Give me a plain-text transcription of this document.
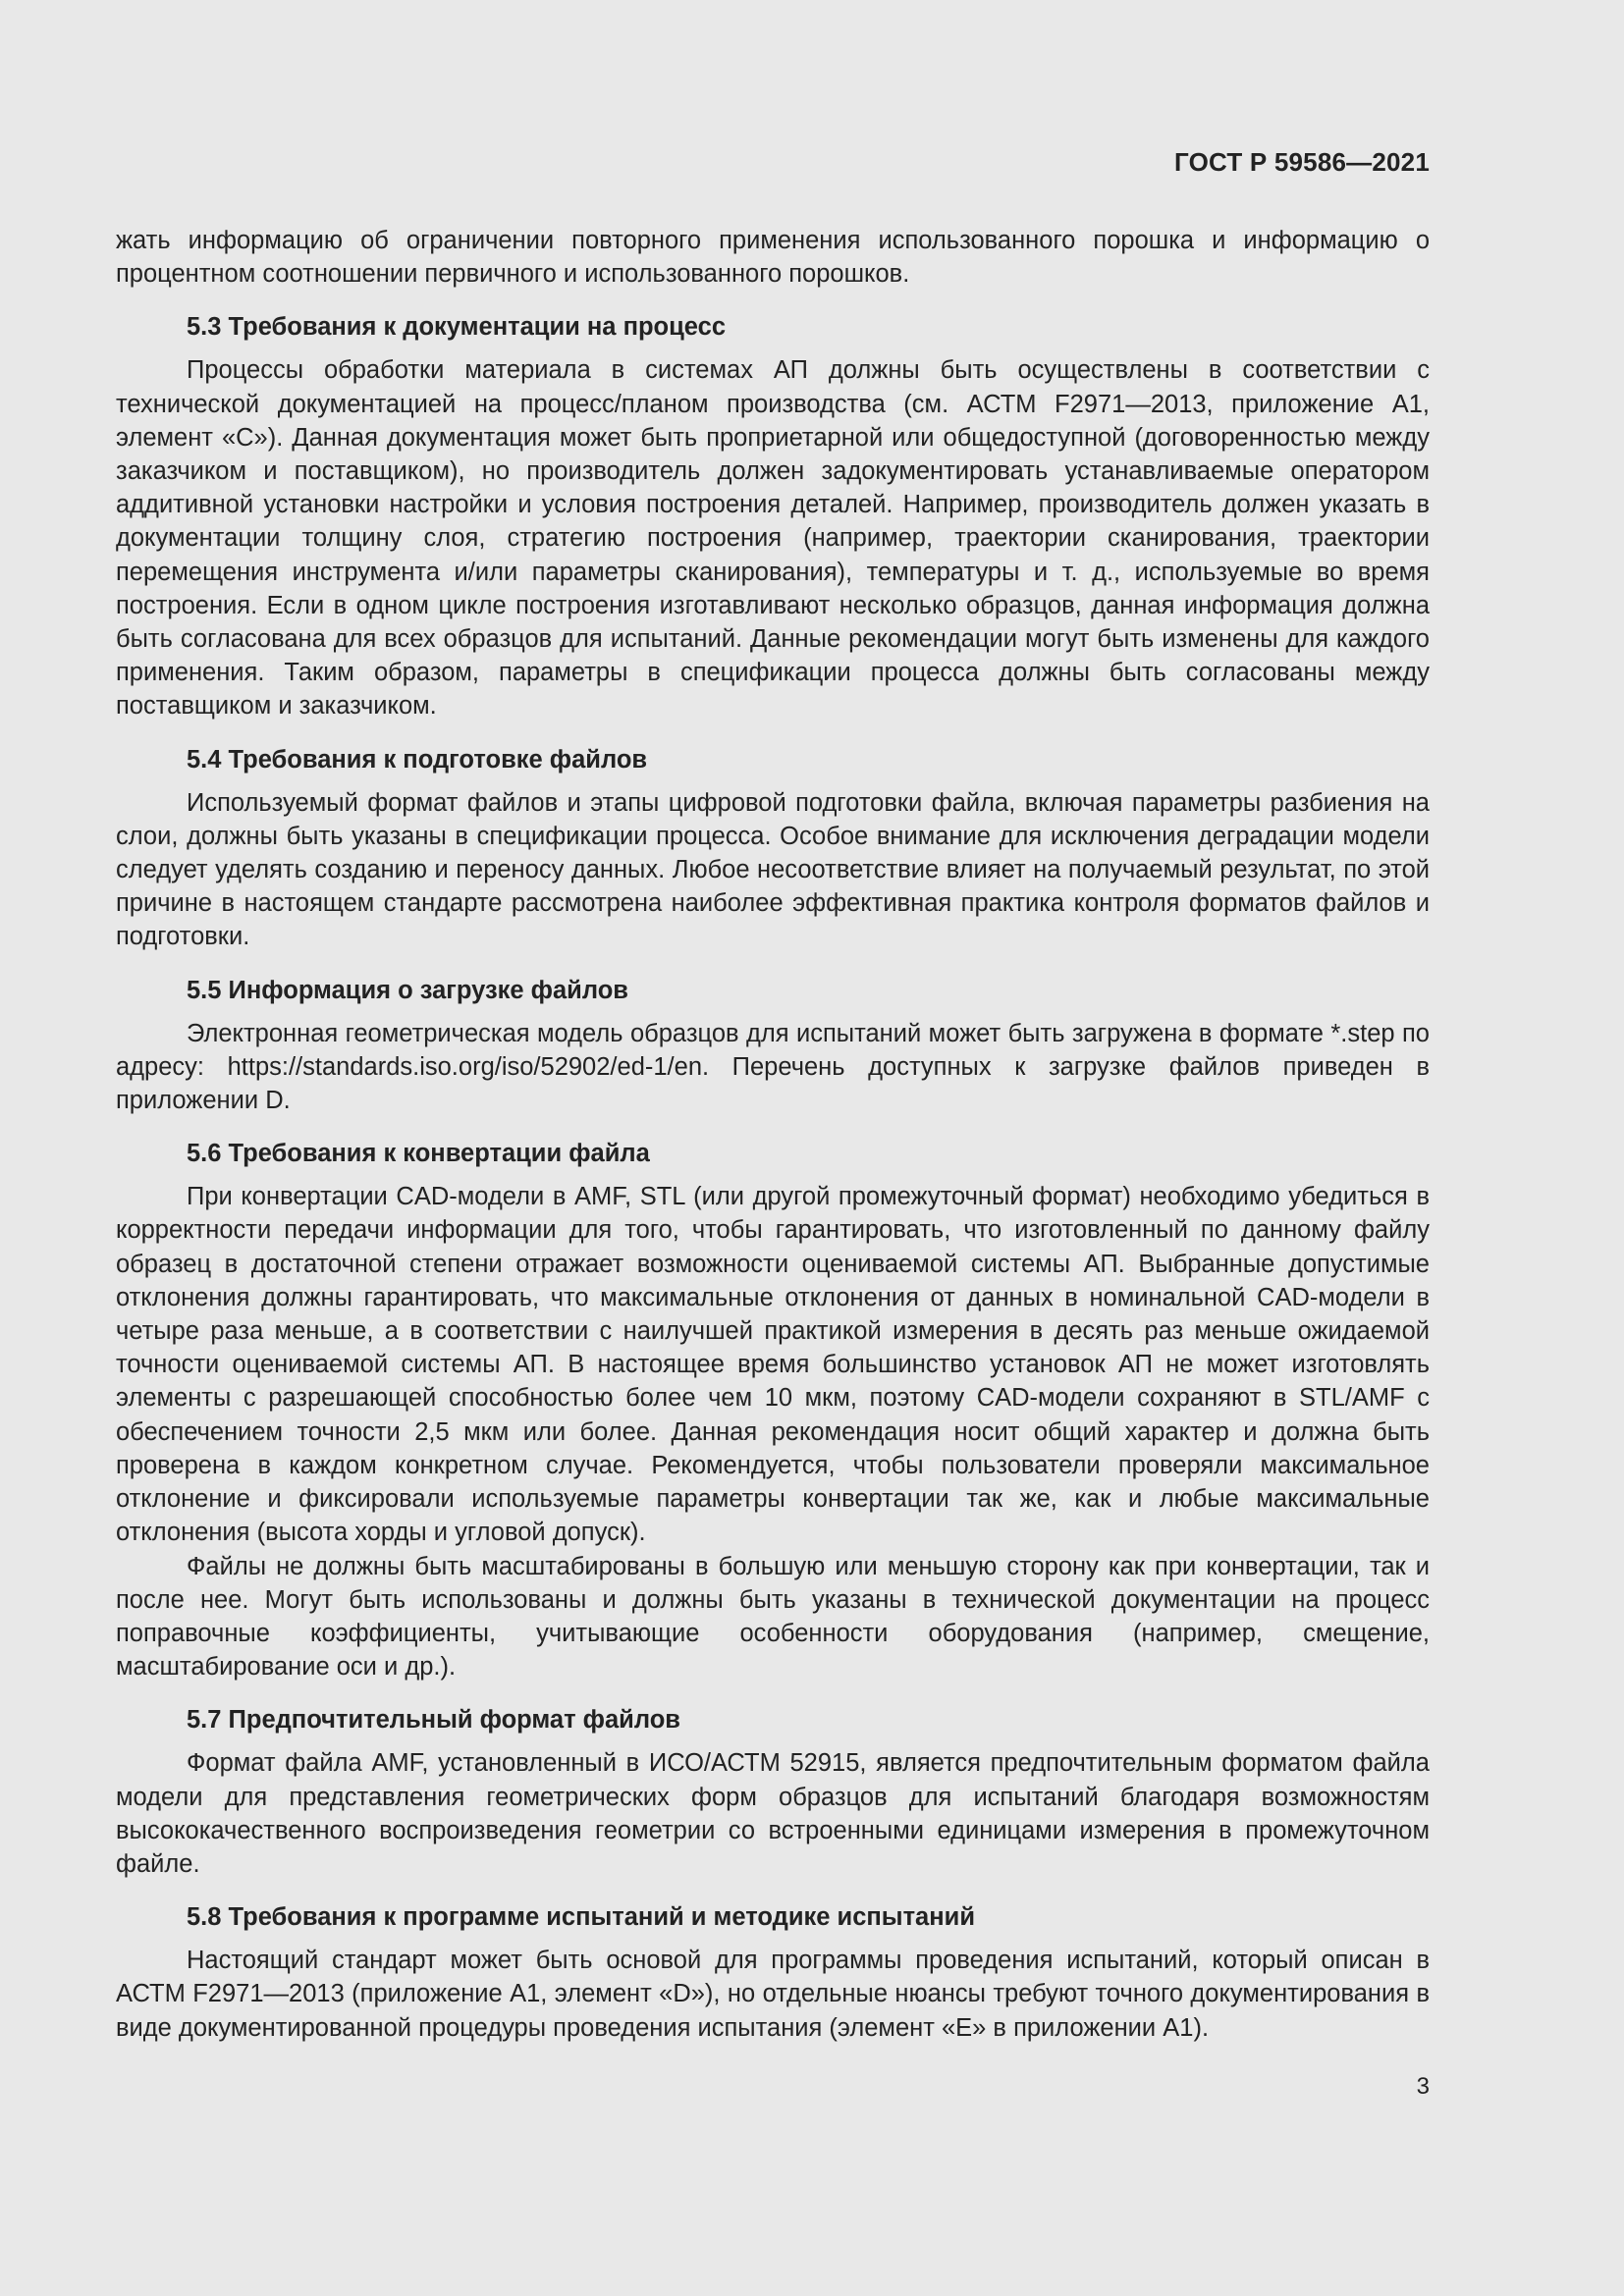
ГОСТ Р 59586—2021

жать информацию об ограничении повторного применения использованного порошка и информацию о процентном соотношении первичного и использованного порошков.

5.3 Требования к документации на процесс

Процессы обработки материала в системах АП должны быть осуществлены в соответствии с технической документацией на процесс/планом производства (см. АСТМ F2971—2013, приложение А1, элемент «С»). Данная документация может быть проприетарной или общедоступной (договоренностью между заказчиком и поставщиком), но производитель должен задокументировать устанавливаемые оператором аддитивной установки настройки и условия построения деталей. Например, производитель должен указать в документации толщину слоя, стратегию построения (например, траектории сканирования, траектории перемещения инструмента и/или параметры сканирования), температуры и т. д., используемые во время построения. Если в одном цикле построения изготавливают несколько образцов, данная информация должна быть согласована для всех образцов для испытаний. Данные рекомендации могут быть изменены для каждого применения. Таким образом, параметры в спецификации процесса должны быть согласованы между поставщиком и заказчиком.

5.4 Требования к подготовке файлов

Используемый формат файлов и этапы цифровой подготовки файла, включая параметры разбиения на слои, должны быть указаны в спецификации процесса. Особое внимание для исключения деградации модели следует уделять созданию и переносу данных. Любое несоответствие влияет на получаемый результат, по этой причине в настоящем стандарте рассмотрена наиболее эффективная практика контроля форматов файлов и подготовки.

5.5 Информация о загрузке файлов

Электронная геометрическая модель образцов для испытаний может быть загружена в формате *.step по адресу: https://standards.iso.org/iso/52902/ed-1/en. Перечень доступных к загрузке файлов приведен в приложении D.

5.6 Требования к конвертации файла

При конвертации CAD-модели в AMF, STL (или другой промежуточный формат) необходимо убедиться в корректности передачи информации для того, чтобы гарантировать, что изготовленный по данному файлу образец в достаточной степени отражает возможности оцениваемой системы АП. Выбранные допустимые отклонения должны гарантировать, что максимальные отклонения от данных в номинальной CAD-модели в четыре раза меньше, а в соответствии с наилучшей практикой измерения в десять раз меньше ожидаемой точности оцениваемой системы АП. В настоящее время большинство установок АП не может изготовлять элементы с разрешающей способностью более чем 10 мкм, поэтому CAD-модели сохраняют в STL/AMF с обеспечением точности 2,5 мкм или более. Данная рекомендация носит общий характер и должна быть проверена в каждом конкретном случае. Рекомендуется, чтобы пользователи проверяли максимальное отклонение и фиксировали используемые параметры конвертации так же, как и любые максимальные отклонения (высота хорды и угловой допуск).

Файлы не должны быть масштабированы в большую или меньшую сторону как при конвертации, так и после нее. Могут быть использованы и должны быть указаны в технической документации на процесс поправочные коэффициенты, учитывающие особенности оборудования (например, смещение, масштабирование оси и др.).

5.7 Предпочтительный формат файлов

Формат файла AMF, установленный в ИСО/АСТМ 52915, является предпочтительным форматом файла модели для представления геометрических форм образцов для испытаний благодаря возможностям высококачественного воспроизведения геометрии со встроенными единицами измерения в промежуточном файле.

5.8 Требования к программе испытаний и методике испытаний

Настоящий стандарт может быть основой для программы проведения испытаний, который описан в АСТМ F2971—2013 (приложение А1, элемент «D»), но отдельные нюансы требуют точного документирования в виде документированной процедуры проведения испытания (элемент «Е» в приложении А1).

3
